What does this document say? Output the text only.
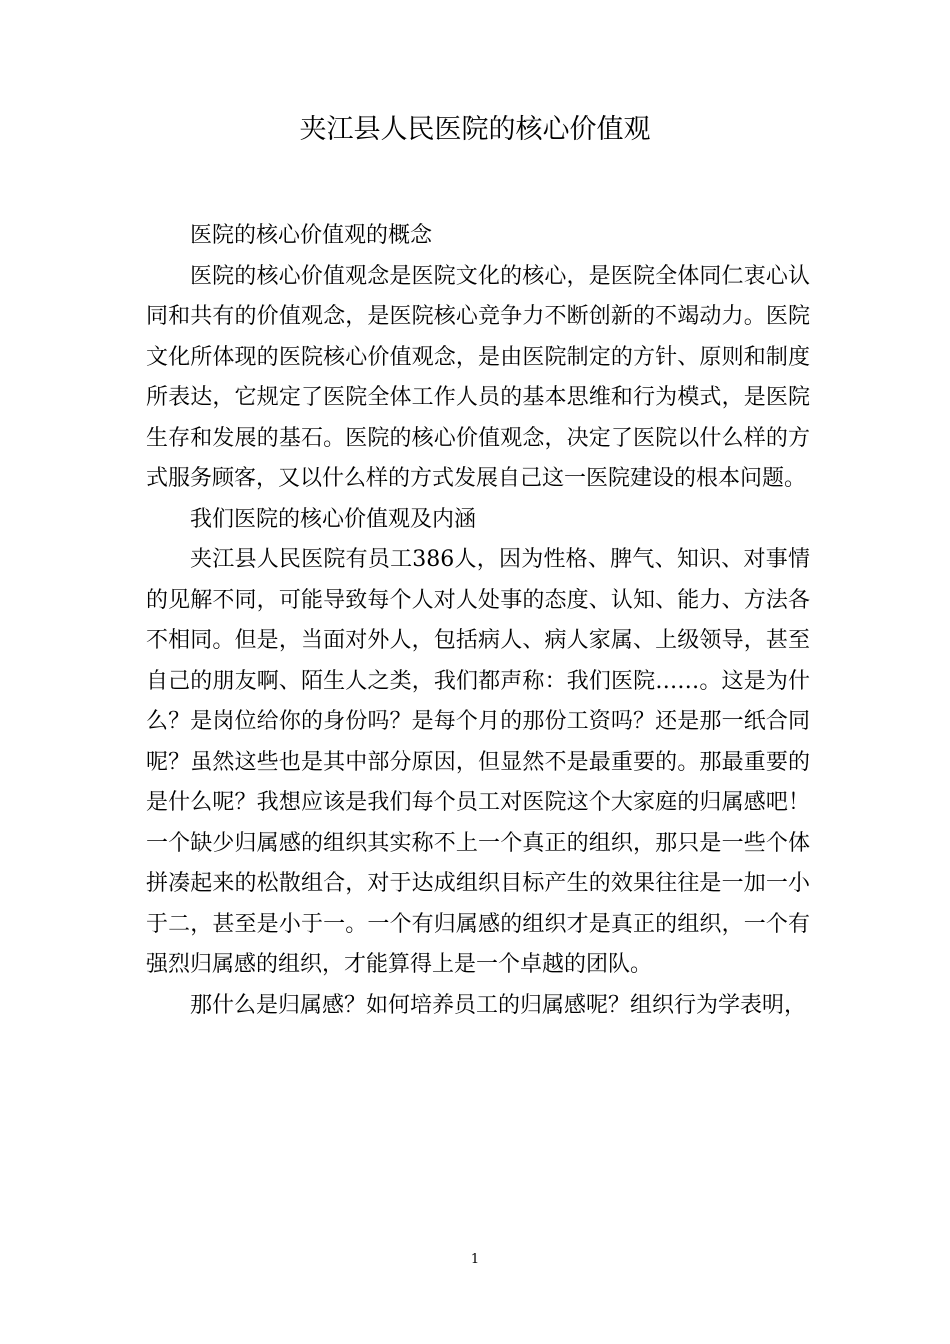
夹江县人民医院的核心价值观

医院的核心价值观的概念

医院的核心价值观念是医院文化的核心，是医院全体同仁衷心认同和共有的价值观念，是医院核心竞争力不断创新的不竭动力。医院文化所体现的医院核心价值观念，是由医院制定的方针、原则和制度所表达，它规定了医院全体工作人员的基本思维和行为模式，是医院生存和发展的基石。医院的核心价值观念，决定了医院以什么样的方式服务顾客，又以什么样的方式发展自己这一医院建设的根本问题。

我们医院的核心价值观及内涵

夹江县人民医院有员工386人，因为性格、脾气、知识、对事情的见解不同，可能导致每个人对人处事的态度、认知、能力、方法各不相同。但是，当面对外人，包括病人、病人家属、上级领导，甚至自己的朋友啊、陌生人之类，我们都声称：我们医院……。这是为什么？是岗位给你的身份吗？是每个月的那份工资吗？还是那一纸合同呢？虽然这些也是其中部分原因，但显然不是最重要的。那最重要的是什么呢？我想应该是我们每个员工对医院这个大家庭的归属感吧！一个缺少归属感的组织其实称不上一个真正的组织，那只是一些个体拼凑起来的松散组合，对于达成组织目标产生的效果往往是一加一小于二，甚至是小于一。一个有归属感的组织才是真正的组织，一个有强烈归属感的组织，才能算得上是一个卓越的团队。

那什么是归属感？如何培养员工的归属感呢？组织行为学表明，

1
